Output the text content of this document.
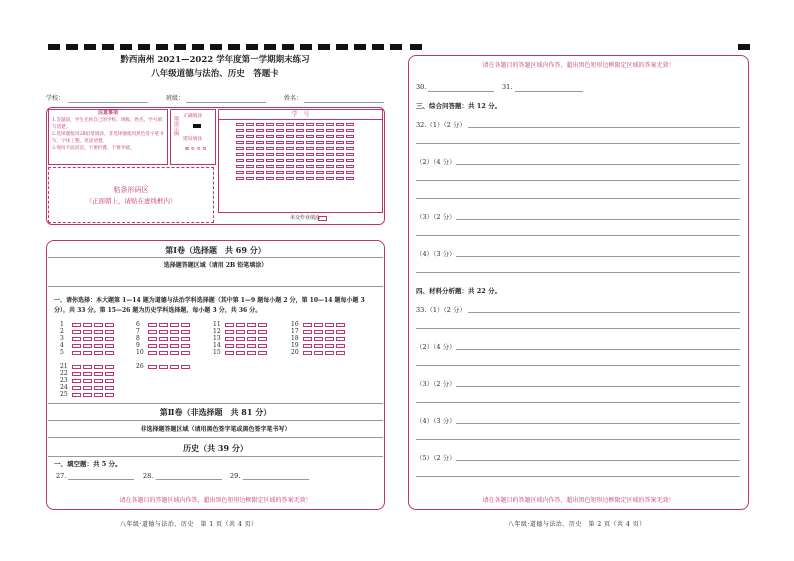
黔西南州 2021—2022 学年度第一学期期末练习
八年级道德与法治、历史　答题卡
学校：	班级：	姓名：
注意事项
1.答题前，学生先将自己的学校、班级、姓名、学号填写清楚。
2.选择题使用2B铅笔填涂，非选择题使用黑色签字笔书写，字体工整、笔迹清楚。
3.保持卡面清洁，不要折叠、不要弄破。
填涂示例 正确填涂
错误填涂
⊠ ⊘ ⊝ ⊡
学　号
粘条形码区
（正面朝上，请贴在虚线框内）
未交作业填涂
第Ⅰ卷（选择题　共 69 分）
选择题答题区域（请用 2B 铅笔填涂）
一、请你选择：本大题第 1—14 题为道德与法治学科选择题（其中第 1—9 题每小题 2 分，第 10—14 题每小题 3 分），共 33 分。第 15—26 题为历史学科选择题，每小题 3 分，共 36 分。
1
2
3
4
5
6
7
8
9
10
11
12
13
14
15
16
17
18
19
20
21
22
23
24
25
26
第Ⅱ卷（非选择题　共 81 分）
非选择题答题区域（请用黑色签字笔或黑色签字笔书写）
历史（共 39 分）
一、填空题：共 5 分。
27.	28.	29.
请在各题目的答题区域内作答，超出黑色矩形边框限定区域的答案无效！
八年级·道德与法治、历史　第 1 页（共 4 页）
请在各题目的答题区域内作答，超出黑色矩形边框限定区域的答案无效！
30.	31.
三、综合问答题：共 12 分。
32.（1）（2 分）
（2）（4 分）
（3）（2 分）
（4）（3 分）
四、材料分析题：共 22 分。
33.（1）（2 分）
（2）（4 分）
（3）（2 分）
（4）（3 分）
（5）（2 分）
请在各题目的答题区域内作答，超出黑色矩形边框限定区域的答案无效！
八年级·道德与法治、历史　第 2 页（共 4 页）
